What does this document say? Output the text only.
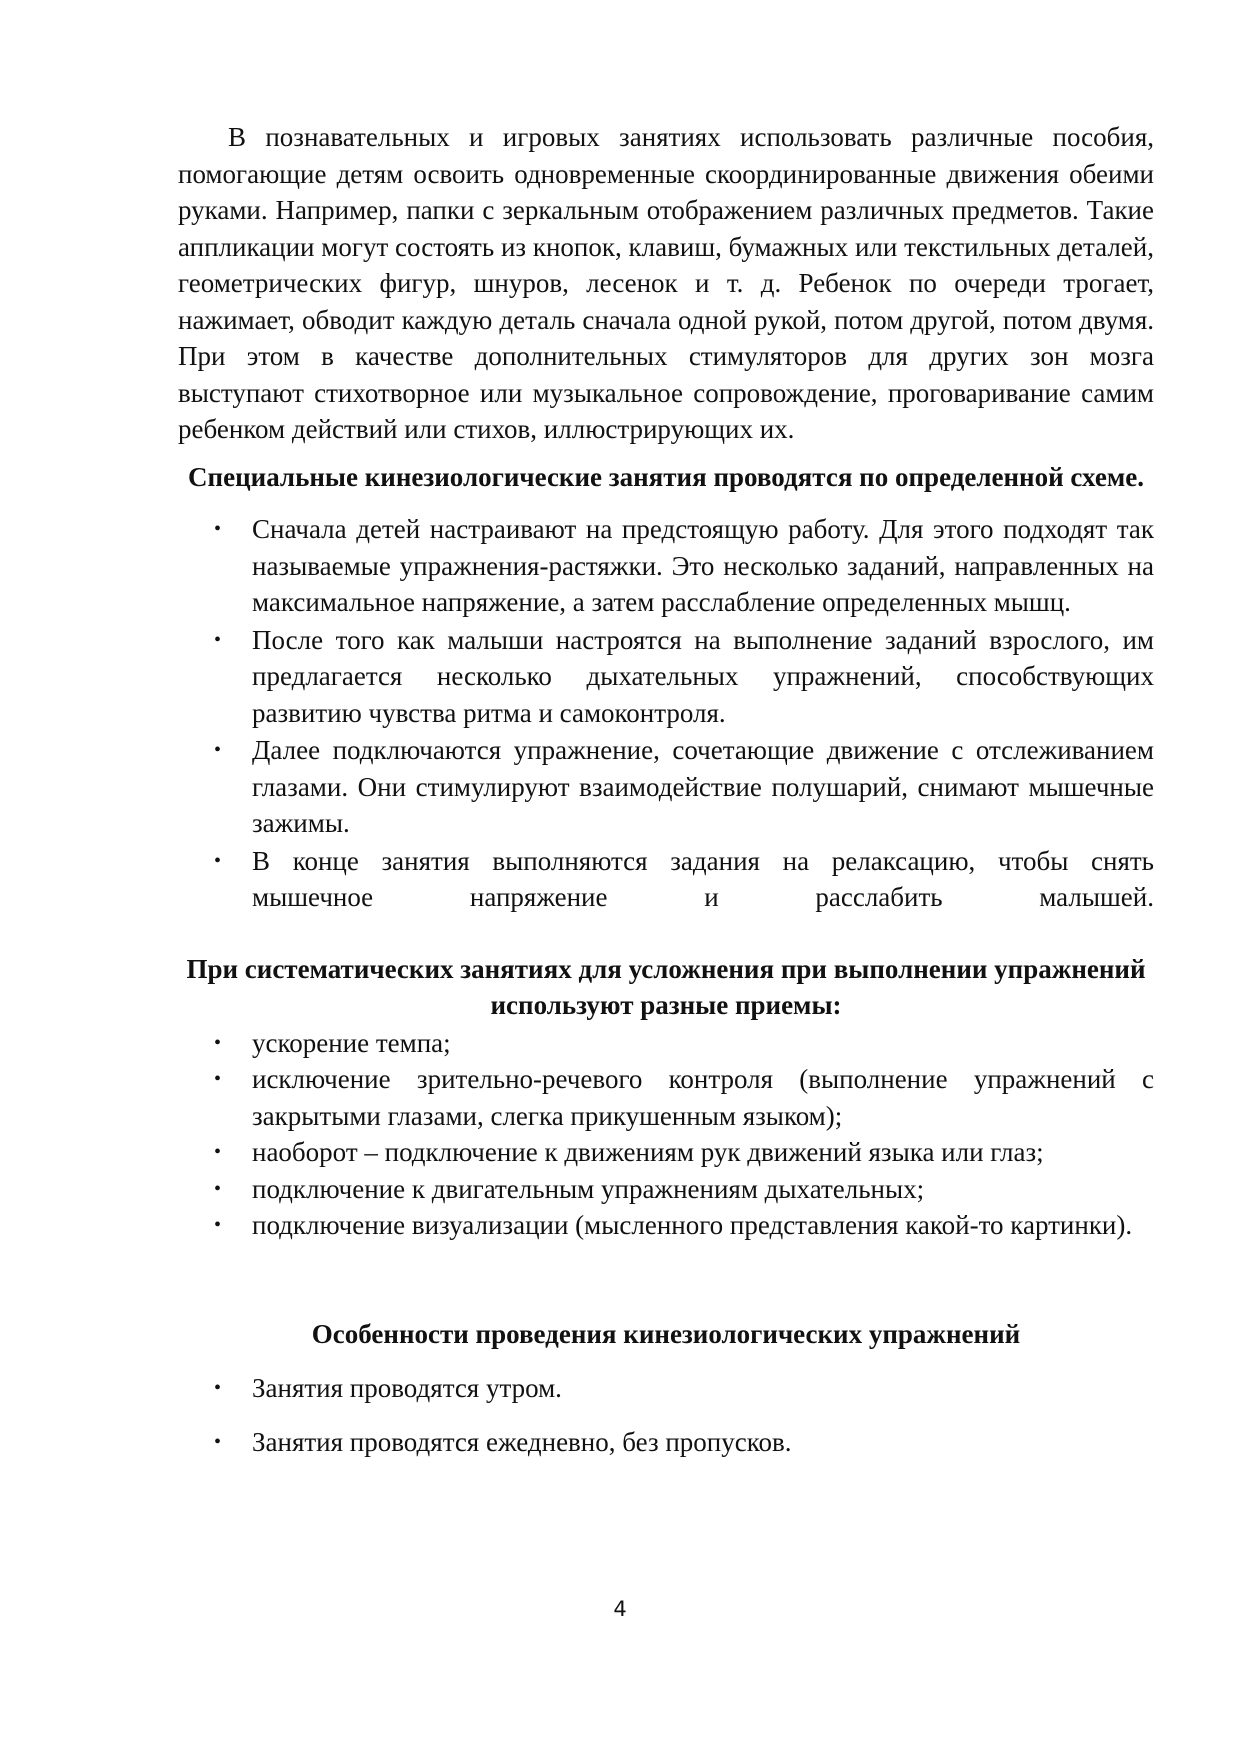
В познавательных и игровых занятиях использовать различные пособия, помогающие детям освоить одновременные скоординированные движения обеими руками. Например, папки с зеркальным отображением различных предметов. Такие аппликации могут состоять из кнопок, клавиш, бумажных или текстильных деталей, геометрических фигур, шнуров, лесенок и т. д. Ребенок по очереди трогает, нажимает, обводит каждую деталь сначала одной рукой, потом другой, потом двумя. При этом в качестве дополнительных стимуляторов для других зон мозга выступают стихотворное или музыкальное сопровождение, проговаривание самим ребенком действий или стихов, иллюстрирующих их.

Специальные кинезиологические занятия проводятся по определенной схеме.
• Сначала детей настраивают на предстоящую работу. Для этого подходят так называемые упражнения-растяжки. Это несколько заданий, направленных на максимальное напряжение, а затем расслабление определенных мышц.
• После того как малыши настроятся на выполнение заданий взрослого, им предлагается несколько дыхательных упражнений, способствующих развитию чувства ритма и самоконтроля.
• Далее подключаются упражнение, сочетающие движение с отслеживанием глазами. Они стимулируют взаимодействие полушарий, снимают мышечные зажимы.
• В конце занятия выполняются задания на релаксацию, чтобы снять мышечное напряжение и расслабить малышей.
При систематических занятиях для усложнения при выполнении упражнений используют разные приемы:
• ускорение темпа;
• исключение зрительно-речевого контроля (выполнение упражнений с закрытыми глазами, слегка прикушенным языком);
• наоборот – подключение к движениям рук движений языка или глаз;
• подключение к двигательным упражнениям дыхательных;
• подключение визуализации (мысленного представления какой-то картинки).
Особенности проведения кинезиологических упражнений
• Занятия проводятся утром.
• Занятия проводятся ежедневно, без пропусков.
4
